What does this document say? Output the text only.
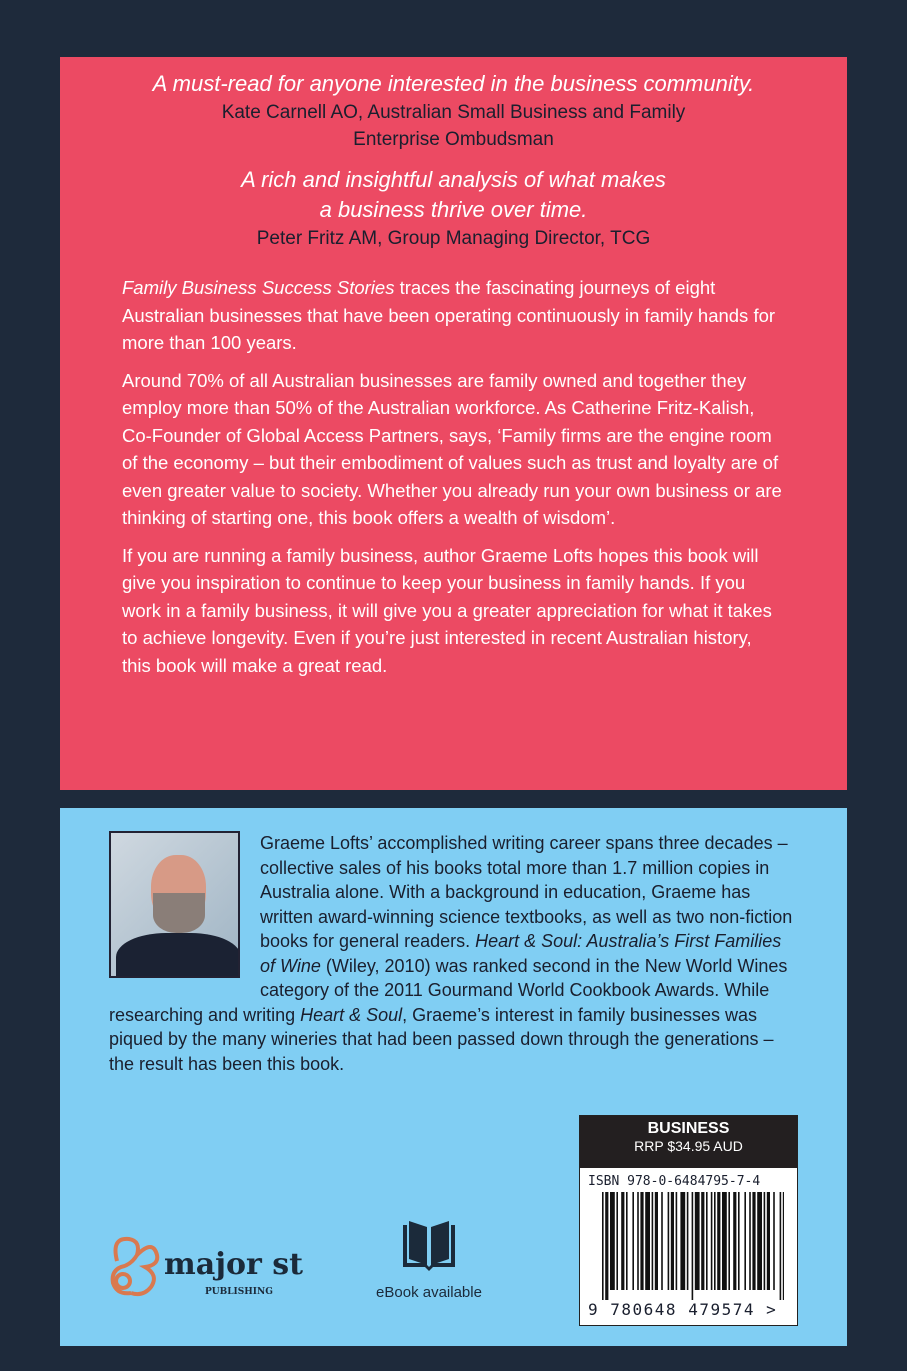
A must-read for anyone interested in the business community.

Kate Carnell AO, Australian Small Business and Family Enterprise Ombudsman

A rich and insightful analysis of what makes a business thrive over time.

Peter Fritz AM, Group Managing Director, TCG

Family Business Success Stories traces the fascinating journeys of eight Australian businesses that have been operating continuously in family hands for more than 100 years.

Around 70% of all Australian businesses are family owned and together they employ more than 50% of the Australian workforce. As Catherine Fritz-Kalish, Co-Founder of Global Access Partners, says, ‘Family firms are the engine room of the economy – but their embodiment of values such as trust and loyalty are of even greater value to society. Whether you already run your own business or are thinking of starting one, this book offers a wealth of wisdom’.

If you are running a family business, author Graeme Lofts hopes this book will give you inspiration to continue to keep your business in family hands. If you work in a family business, it will give you a greater appreciation for what it takes to achieve longevity. Even if you’re just interested in recent Australian history, this book will make a great read.

Graeme Lofts’ accomplished writing career spans three decades – collective sales of his books total more than 1.7 million copies in Australia alone. With a background in education, Graeme has written award-winning science textbooks, as well as two non-fiction books for general readers. Heart & Soul: Australia’s First Families of Wine (Wiley, 2010) was ranked second in the New World Wines category of the 2011 Gourmand World Cookbook Awards. While researching and writing Heart & Soul, Graeme’s interest in family businesses was piqued by the many wineries that had been passed down through the generations – the result has been this book.
major st
PUBLISHING	eBook available
BUSINESS
RRP $34.95 AUD
ISBN 978-0-6484795-7-4
9 780648 479574 >
